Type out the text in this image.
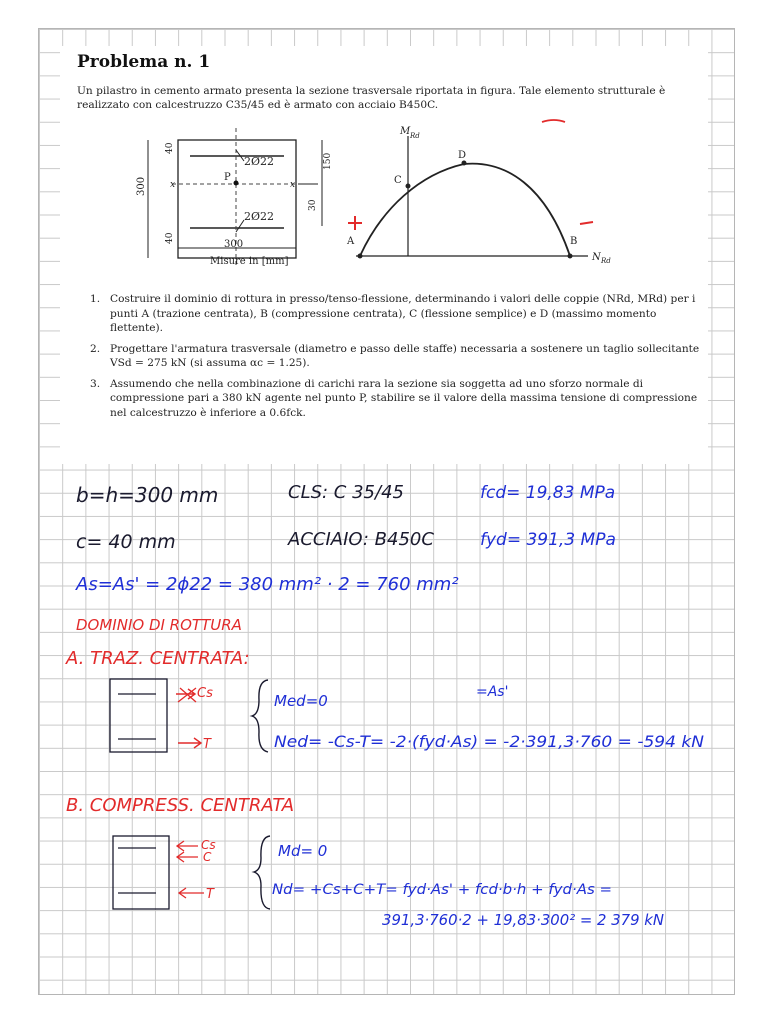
Problema n. 1

Un pilastro in cemento armato presenta la sezione trasversale riportata in figura. Tale elemento strutturale è realizzato con calcestruzzo C35/45 ed è armato con acciaio B450C.

P
x	x
2Ø22
2Ø22
300
40
40
300
Misure in [mm]
150
30
A	B
C
D
M Rd
N Rd
1. Costruire il dominio di rottura in presso/tenso-flessione, determinando i valori delle coppie (NRd, MRd) per i punti A (trazione centrata), B (compressione centrata), C (flessione semplice) e D (massimo momento flettente).
2. Progettare l'armatura trasversale (diametro e passo delle staffe) necessaria a sostenere un taglio sollecitante VSd = 275 kN (si assuma αc = 1.25).
3. Assumendo che nella combinazione di carichi rara la sezione sia soggetta ad uno sforzo normale di compressione pari a 380 kN agente nel punto P, stabilire se il valore della massima tensione di compressione nel calcestruzzo è inferiore a 0.6fck.
b=h=300 mm	CLS: C 35/45	fcd= 19,83 MPa
c= 40 mm	ACCIAIO: B450C	fyd= 391,3 MPa
As=As' = 2ϕ22 = 380 mm² · 2 = 760 mm²
DOMINIO DI ROTTURA
A. TRAZ. CENTRATA:
Cs
T
Med=0	=As'
Ned= -Cs-T= -2·(fyd·As) = -2·391,3·760 = -594 kN
B. COMPRESS. CENTRATA
Cs
C
T
Md= 0
Nd= +Cs+C+T= fyd·As' + fcd·b·h + fyd·As =
391,3·760·2 + 19,83·300² = 2 379 kN
